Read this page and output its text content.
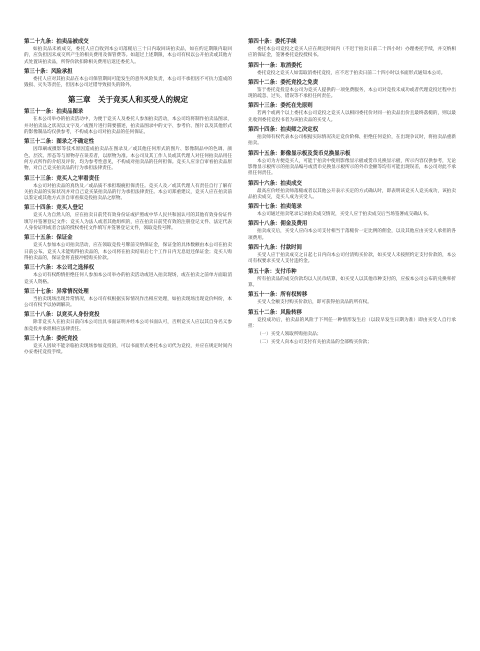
第二十九条：拍卖品被成交

如拍卖品未被成交，委托人应自收到本公司落槌后三十日内取回该拍卖品，如在约定期限内取回的，应负担因未成交所产生的相关费用及保管费等。如超过上述期限，本公司有权以公开拍卖或其他方式处置该拍卖品，所得价款扣除相关费用后返还委托人。

第三十条：风险承担

委托人应对其拍卖品在本公司保管期间可能发生的意外风险负责，本公司不承担因不可抗力造成的毁损、灭失等责任，但因本公司过错导致损失的除外。

第三章　关于竞买人和买受人的规定
第三十一条：拍卖品图录

在本公司举办的拍卖活动中，为便于竞买人及委托人参加拍卖活动，本公司均将制作拍卖品图录，并对拍卖品之状况以文字及／或图片进行简要描述，拍卖品图录中的文字、参考价、图片以及其他形式的影像制品均仅供参考，不构成本公司对拍卖品的任何保证。

第三十二条：图录之不确定性

因印刷或摄影等技术原因造成拍卖品在图录及／或其他任何形式的图片、影像制品中的色调、颜色、层次、形态等与原物存在误差者，以原物为准。本公司及其工作人员或其代理人对任何拍卖品用任何方式所作的介绍及评价，均为参考性意见，不构成对拍卖品的任何担保。竞买人应亲自审看拍卖品原物，对自己竞买拍卖品的行为承担法律责任。

第三十三条：竞买人之审看责任

本公司对拍卖品的真伪及／或品质不承担瑕疵担保责任。竞买人及／或其代理人有责任自行了解有关拍卖品的实际状况并对自己竞买某拍卖品的行为承担法律责任。本公司郑重建议，竞买人应在拍卖前以鉴定或其他方式亲自审看拟竞投拍卖品之原物。

第三十四条：竞买人登记

竞买人为自然人的，应在拍卖日前凭有效身份证或护照或中华人民共和国认可的其他有效身份证件填写并签署登记文件；竞买人为法人或者其他组织的，应在拍卖日前凭有效的注册登记文件、法定代表人身份证明或者合法的授权委托文件填写并签署登记文件，领取竞投号牌。

第三十五条：保证金

竞买人参加本公司拍卖活动，应在领取竞投号牌前交纳保证金，保证金的具体数额由本公司在拍卖日前公布。竞买人未能购得拍卖品的，本公司将在拍卖结束后七个工作日内无息退还保证金；竞买人购得拍卖品的，保证金将直接冲抵购买价款。

第三十六条：本公司之选择权

本公司有权酌情拒绝任何人参加本公司举办的拍卖活动或进入拍卖现场，或在拍卖之前单方面取消竞买人资格。

第三十七条：异常情况处理

当拍卖现场出现异常情况，本公司有权根据实际情况作出相应处理，如拍卖现场出现竞价纠纷，本公司有权予以协调解决。

第三十八条：以竞买人身份竞投

除非竞买人在拍卖日前向本公司出具书面证明并经本公司书面认可，否则竞买人应以其自身名义参加竞投并承担相应法律责任。

第三十九条：委托竞投

竞买人因故不能亲临拍卖现场参加竞投的，可以书面形式委托本公司代为竞投，并应在规定时间内办妥委托竞投手续。

第四十条：委托手续

委托本公司竞投之竞买人应在规定时间内（不迟于拍卖日前二十四小时）办理委托手续，并交纳相应的保证金，签署委托竞投授权书。

第四十一条：取消委托

委托竞投之竞买人如需取消委托竞投，应不迟于拍卖日前二十四小时以书面形式通知本公司。

第四十二条：委托竞投之免责

鉴于委托竞投是本公司为竞买人提供的一项免费服务，本公司对竞投未成功或者代理竞投过程中出现的疏忽、过失、错误等不承担任何责任。

第四十三条：委托在先原则

若两个或两个以上委托本公司竞投之竞买人以相同委托价对同一拍卖品出价且最终落槌的，则以最先收到委托竞投书者为该拍卖品的买受人。

第四十四条：拍卖师之决定权

拍卖师有权代表本公司根据实际情况决定竞价阶梯、拒绝任何竞价，在出现争议时，将拍卖品重新拍卖。

第四十五条：影像显示板及货币兑换显示板

本公司为方便竞买人，可能于拍卖中使用影像显示板或货币兑换显示板，所示内容仅供参考，无论影像显示板所示的拍卖品编号或货币兑换显示板所示的外币金额等均有可能出现误差，本公司对此不承担任何责任。

第四十六条：拍卖成交

最高应价经拍卖师落槌或者以其他公开表示买定的方式确认时，即表明该竞买人竞买成功，该拍卖品拍卖成交，竞买人成为买受人。

第四十七条：拍卖笔录

本公司通过拍卖笔录记录拍卖成交情况，买受人应于拍卖成交后当场签署成交确认书。

第四十八条：佣金及费用

拍卖成交后，买受人应向本公司支付相当于落槌价一定比例的佣金，以及其他应由买受人承担的各项费用。

第四十九条：付款时间

买受人应于拍卖成交之日起七日内向本公司付清购买价款，如买受人未按照约定支付价款的，本公司有权要求买受人支付违约金。

第五十条：支付币种

所有拍卖品的成交价款均以人民币结算，如买受人以其他币种支付的，应按本公司公布的兑换率折算。

第五十一条：所有权转移

买受人全额支付购买价款后，即可获得拍卖品的所有权。

第五十二条：风险转移

竞投成功后，拍卖品的风险于下列任一种情形发生后（以较早发生日期为准）即由买受人自行承担：

（一）买受人领取所购拍卖品；

（二）买受人向本公司支付有关拍卖品的全部购买价款；
